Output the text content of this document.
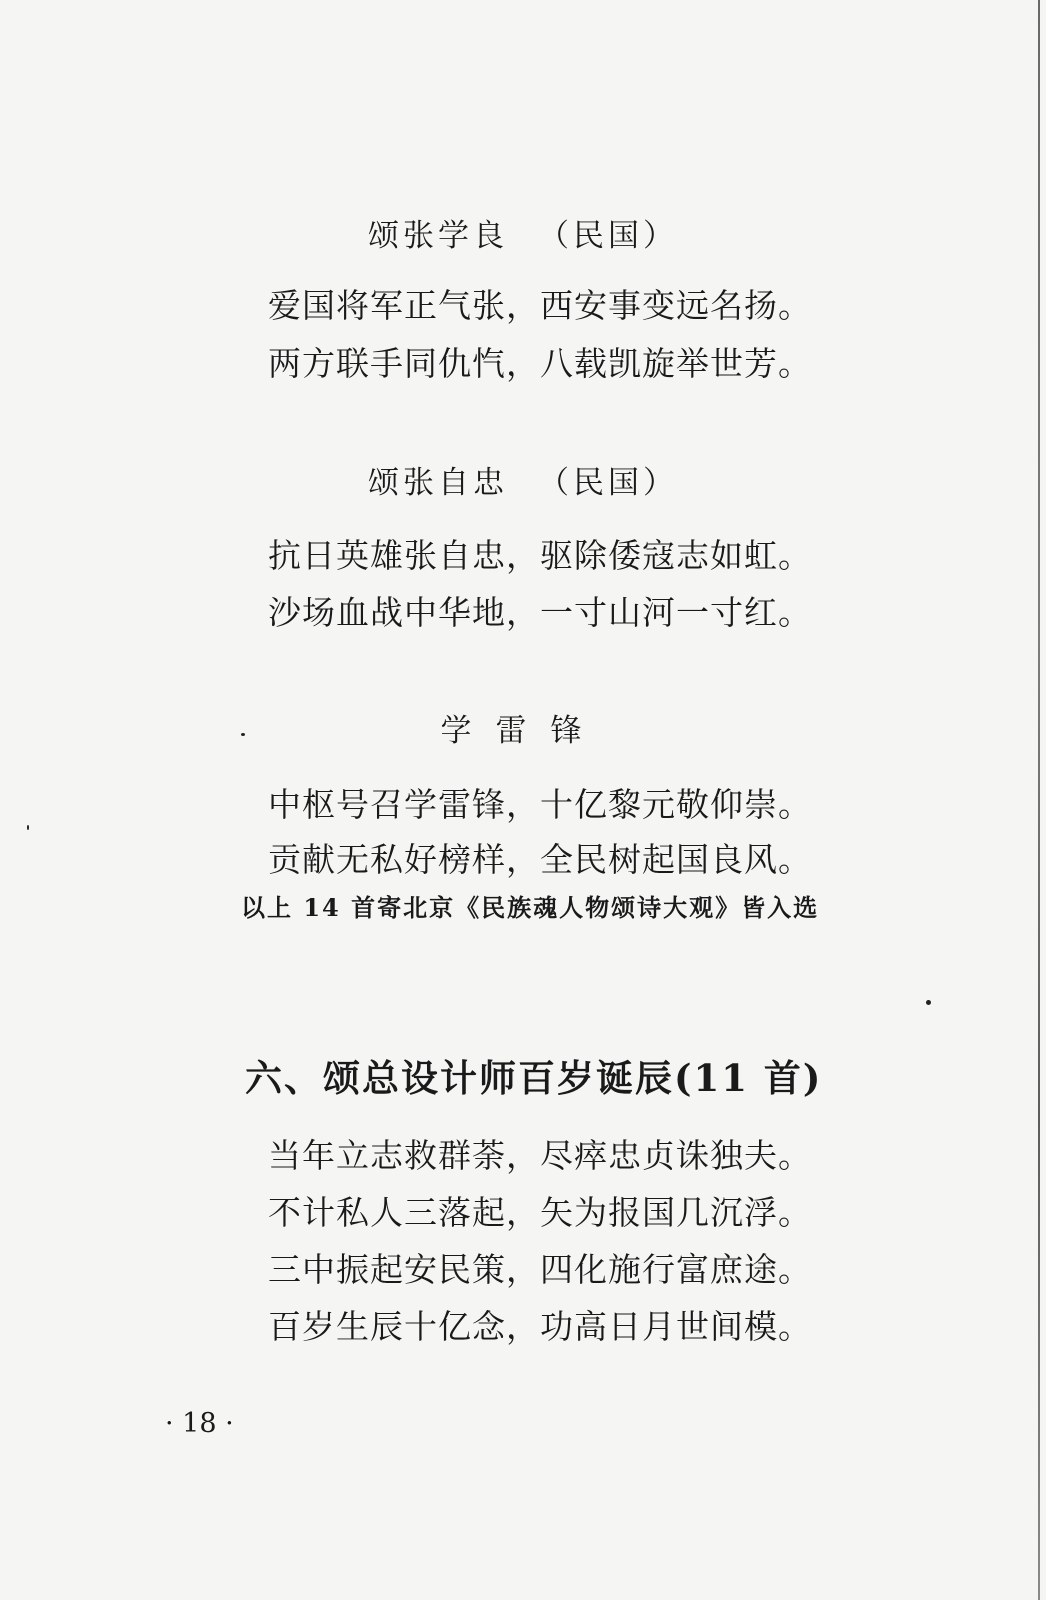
颂张学良 （民国）
爱国将军正气张，西安事变远名扬。
两方联手同仇忾，八载凯旋举世芳。
颂张自忠 （民国）
抗日英雄张自忠，驱除倭寇志如虹。
沙场血战中华地，一寸山河一寸红。
学雷锋
中枢号召学雷锋，十亿黎元敬仰崇。
贡献无私好榜样，全民树起国良风。
以上 14 首寄北京《民族魂人物颂诗大观》皆入选
六、颂总设计师百岁诞辰(11 首)
当年立志救群荼，尽瘁忠贞诛独夫。
不计私人三落起，矢为报国几沉浮。
三中振起安民策，四化施行富庶途。
百岁生辰十亿念，功高日月世间模。
· 18 ·
